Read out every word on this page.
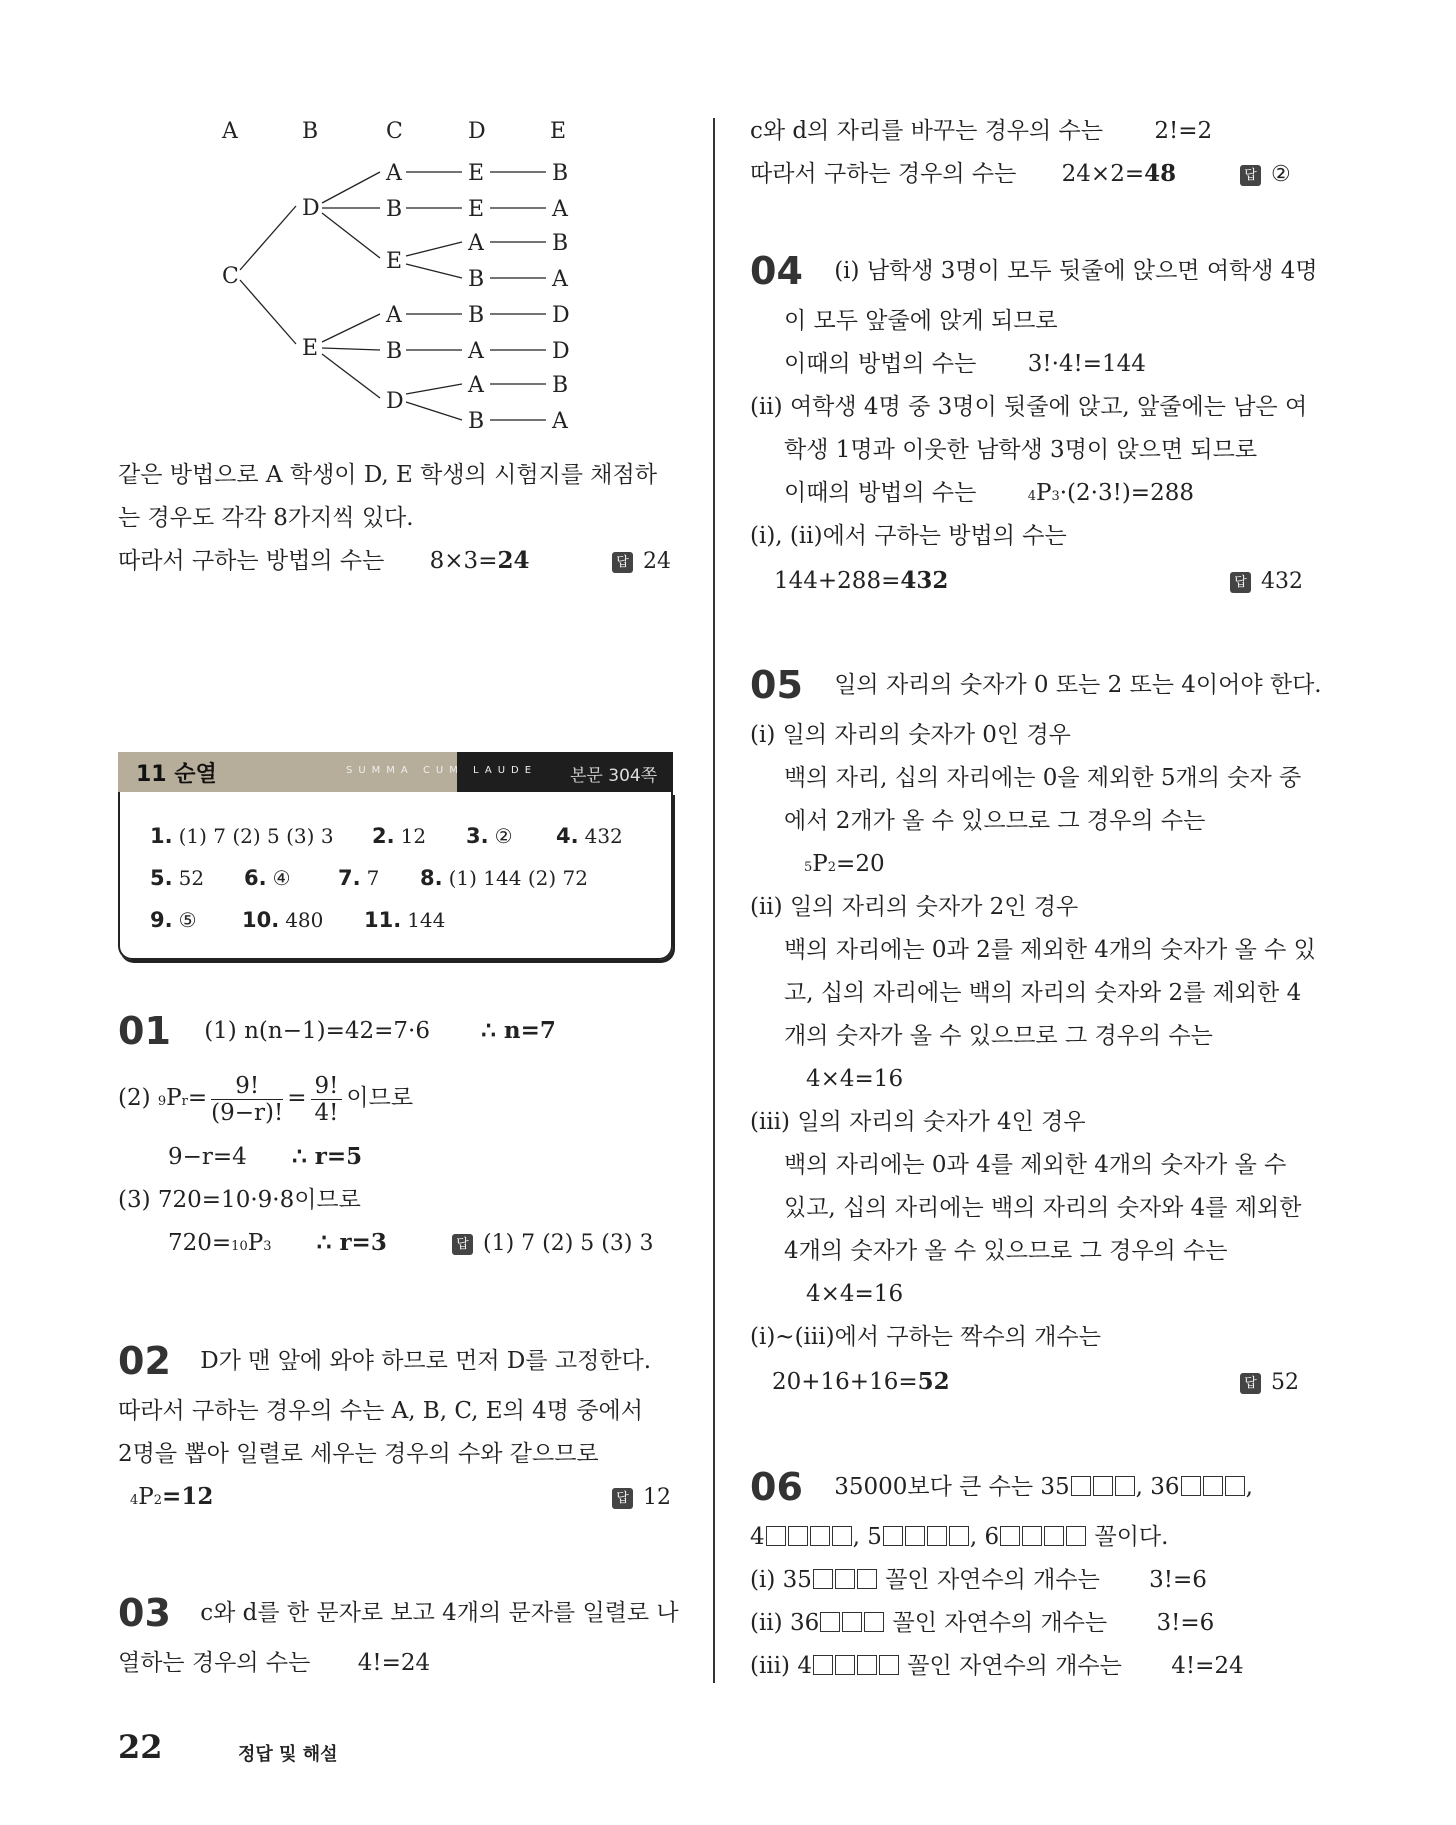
A	B	C	D	E
C
D
E
A
B
E
A
B
D
E
E
A
B
B
A
A
B
B
A
B
A
D
D
B
A
같은 방법으로 A 학생이 D, E 학생의 시험지를 채점하
는 경우도 각각 8가지씩 있다.
따라서 구하는 방법의 수는 8×3=24	답 24
11 순열	SUMMA CUM LAUDE 본문 304쪽
1. (1) 7 (2) 5 (3) 3 2. 12 3. ② 4. 432
5. 52 6. ④ 7. 7 8. (1) 144 (2) 72
9. ⑤ 10. 480 11. 144
01 (1) n(n−1)=42=7·6 ∴ n=7
(2) $9Pr= \frac{9!}{(9-r)!} = \frac{9!}{4!}$ 이므로
9−r=4 ∴ r=5
(3) 720=10·9·8이므로
720=10P3 ∴ r=3	답 (1) 7 (2) 5 (3) 3
02 D가 맨 앞에 와야 하므로 먼저 D를 고정한다.
따라서 구하는 경우의 수는 A, B, C, E의 4명 중에서
2명을 뽑아 일렬로 세우는 경우의 수와 같으므로
4P2=12	답 12
03 c와 d를 한 문자로 보고 4개의 문자를 일렬로 나
열하는 경우의 수는 4!=24
c와 d의 자리를 바꾸는 경우의 수는 2!=2
따라서 구하는 경우의 수는 24×2=48	답 ②
04 (ⅰ) 남학생 3명이 모두 뒷줄에 앉으면 여학생 4명
이 모두 앞줄에 앉게 되므로
이때의 방법의 수는 3!·4!=144
(ⅱ) 여학생 4명 중 3명이 뒷줄에 앉고, 앞줄에는 남은 여
학생 1명과 이웃한 남학생 3명이 앉으면 되므로
이때의 방법의 수는	4P3·(2·3!)=288
(ⅰ), (ⅱ)에서 구하는 방법의 수는
144+288=432	답 432
05 일의 자리의 숫자가 0 또는 2 또는 4이어야 한다.
(ⅰ) 일의 자리의 숫자가 0인 경우
백의 자리, 십의 자리에는 0을 제외한 5개의 숫자 중
에서 2개가 올 수 있으므로 그 경우의 수는
5P2=20
(ⅱ) 일의 자리의 숫자가 2인 경우
백의 자리에는 0과 2를 제외한 4개의 숫자가 올 수 있
고, 십의 자리에는 백의 자리의 숫자와 2를 제외한 4
개의 숫자가 올 수 있으므로 그 경우의 수는
4×4=16
(ⅲ) 일의 자리의 숫자가 4인 경우
백의 자리에는 0과 4를 제외한 4개의 숫자가 올 수
있고, 십의 자리에는 백의 자리의 숫자와 4를 제외한
4개의 숫자가 올 수 있으므로 그 경우의 수는
4×4=16
(ⅰ)~(ⅲ)에서 구하는 짝수의 개수는
20+16+16=52	답 52
06 35000보다 큰 수는 35	, 36	,
4	, 5	, 6	꼴이다.
(ⅰ) 35	꼴인 자연수의 개수는 3!=6
(ⅱ) 36	꼴인 자연수의 개수는 3!=6
(ⅲ) 4	꼴인 자연수의 개수는 4!=24
22	정답 및 해설
